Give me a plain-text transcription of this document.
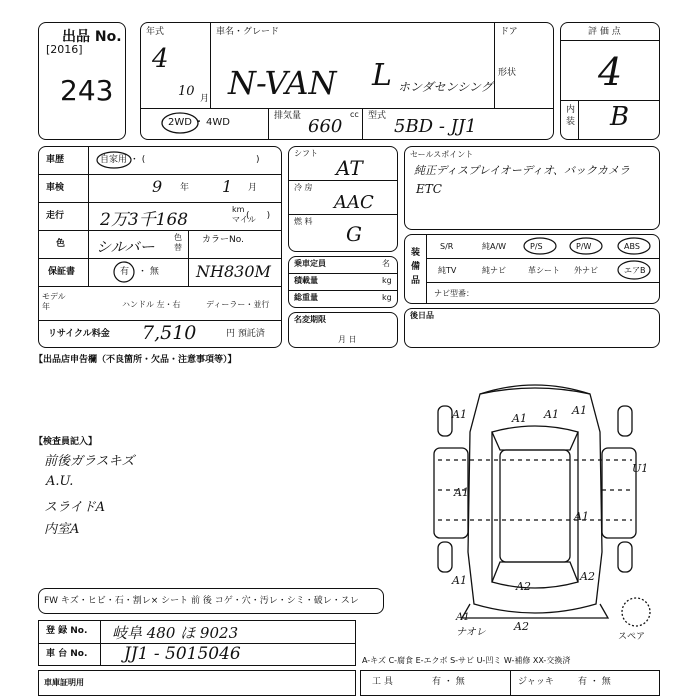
出品 No.
[2016]
243
年式
4
10 月
車名・グレード
N-VAN L ホンダセンシング
ドア
形状
2WD ・ 4WD
排気量 660
cc 型式 5BD - JJ1
評 価 点
4
内
装 B
車歴	自家用 ・ (	)
車検	9 年 1 月
走行 2万3千168
km
マイル
(      )
色 シルバー
色
替
カラーNo.
保証書	有 ・ 無 NH830M
モデル
年	ハンドル 左・右	ディーラー・並行
リサイクル料金 7,510	円 預託済
シフト
AT
冷 房
AAC
燃 料
G
乗車定員	名
積載量	kg
総重量	kg
名変期限
月 日
セールスポイント
純正ディスプレイオーディオ、バックカメラ
ETC
装
備
品
S/R	純A/W	P/S	P/W	ABS
純TV	純ナビ	革シート 外ナビ	エアB
ナビ型番：
後日品
【出品店申告欄（不良箇所・欠品・注意事項等）】
【検査員記入】
前後ガラスキズ
A.U.
スライドA
内室A
A1	A1 A1
A1
A1
A1	A2
A2
A2
U1
A1
A1
ナオレ	スペア
FW キズ・ヒビ・石・割レ× シート 前 後 コゲ・穴・汚レ・シミ・破レ・スレ
登 録 No. 岐阜 480 ほ 9023
車 台 No. JJ1 - 5015046
車庫証明用
A-キズ C-腐食 E-エクボ S-サビ U-凹ミ W-補修 XX-交換済
工 具	有 ・ 無	ジャッキ	有 ・ 無
